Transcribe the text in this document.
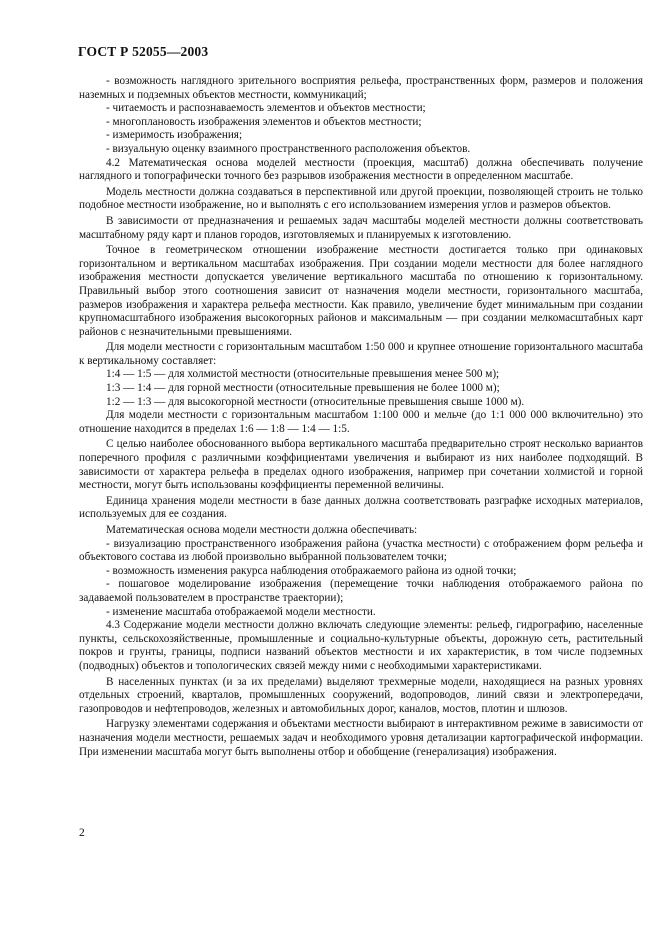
ГОСТ Р 52055—2003

- возможность наглядного зрительного восприятия рельефа, пространственных форм, размеров и положения наземных и подземных объектов местности, коммуникаций;

- читаемость и распознаваемость элементов и объектов местности;

- многоплановость изображения элементов и объектов местности;

- измеримость изображения;

- визуальную оценку взаимного пространственного расположения объектов.

4.2 Математическая основа моделей местности (проекция, масштаб) должна обеспечивать получение наглядного и топографически точного без разрывов изображения местности в определенном масштабе.

Модель местности должна создаваться в перспективной или другой проекции, позволяющей строить не только подобное местности изображение, но и выполнять с его использованием измерения углов и размеров объектов.

В зависимости от предназначения и решаемых задач масштабы моделей местности должны соответствовать масштабному ряду карт и планов городов, изготовляемых и планируемых к изготовлению.

Точное в геометрическом отношении изображение местности достигается только при одинаковых горизонтальном и вертикальном масштабах изображения. При создании модели местности для более наглядного изображения местности допускается увеличение вертикального масштаба по отношению к горизонтальному. Правильный выбор этого соотношения зависит от назначения модели местности, горизонтального масштаба, размеров изображения и характера рельефа местности. Как правило, увеличение будет минимальным при создании крупномасштабного изображения высокогорных районов и максимальным — при создании мелкомасштабных карт районов с незначительными превышениями.

Для модели местности с горизонтальным масштабом 1:50 000 и крупнее отношение горизонтального масштаба к вертикальному составляет:

1:4 — 1:5 — для холмистой местности (относительные превышения менее 500 м);

1:3 — 1:4 — для горной местности (относительные превышения не более 1000 м);

1:2 — 1:3 — для высокогорной местности (относительные превышения свыше 1000 м).

Для модели местности с горизонтальным масштабом 1:100 000 и мельче (до 1:1 000 000 включительно) это отношение находится в пределах 1:6 — 1:8 — 1:4 — 1:5.

С целью наиболее обоснованного выбора вертикального масштаба предварительно строят несколько вариантов поперечного профиля с различными коэффициентами увеличения и выбирают из них наиболее подходящий. В зависимости от характера рельефа в пределах одного изображения, например при сочетании холмистой и горной местности, могут быть использованы коэффициенты переменной величины.

Единица хранения модели местности в базе данных должна соответствовать разграфке исходных материалов, используемых для ее создания.

Математическая основа модели местности должна обеспечивать:

- визуализацию пространственного изображения района (участка местности) с отображением форм рельефа и объектового состава из любой произвольно выбранной пользователем точки;

- возможность изменения ракурса наблюдения отображаемого района из одной точки;

- пошаговое моделирование изображения (перемещение точки наблюдения отображаемого района по задаваемой пользователем в пространстве траектории);

- изменение масштаба отображаемой модели местности.

4.3 Содержание модели местности должно включать следующие элементы: рельеф, гидрографию, населенные пункты, сельскохозяйственные, промышленные и социально-культурные объекты, дорожную сеть, растительный покров и грунты, границы, подписи названий объектов местности и их характеристик, в том числе подземных (подводных) объектов и топологических связей между ними с необходимыми характеристиками.

В населенных пунктах (и за их пределами) выделяют трехмерные модели, находящиеся на разных уровнях отдельных строений, кварталов, промышленных сооружений, водопроводов, линий связи и электропередачи, газопроводов и нефтепроводов, железных и автомобильных дорог, каналов, мостов, плотин и шлюзов.

Нагрузку элементами содержания и объектами местности выбирают в интерактивном режиме в зависимости от назначения модели местности, решаемых задач и необходимого уровня детализации картографической информации. При изменении масштаба могут быть выполнены отбор и обобщение (генерализация) изображения.

2
